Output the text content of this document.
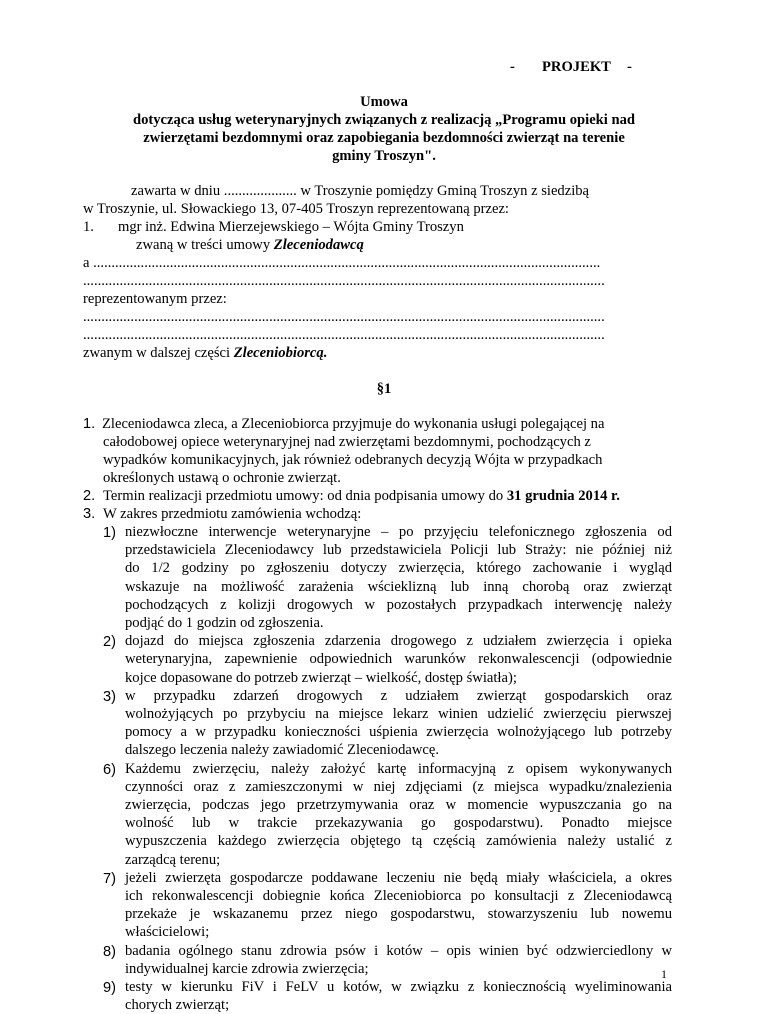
- PROJEKT -
Umowa
dotycząca usług weterynaryjnych związanych z realizacją „Programu opieki nad
zwierzętami bezdomnymi oraz zapobiegania bezdomności zwierząt na terenie
gminy Troszyn".
zawarta w dniu .................... w Troszynie pomiędzy Gminą Troszyn z siedzibą
w Troszynie, ul. Słowackiego 13, 07-405 Troszyn reprezentowaną przez:
1. mgr inż. Edwina Mierzejewskiego – Wójta Gminy Troszyn
zwaną w treści umowy Zleceniodawcą
a ...........................................................................................................................................
...............................................................................................................................................
reprezentowanym przez:
...............................................................................................................................................
...............................................................................................................................................
zwanym w dalszej części Zleceniobiorcą.
§1
1. Zleceniodawca zleca, a Zleceniobiorca przyjmuje do wykonania usługi polegającej na
całodobowej opiece weterynaryjnej nad zwierzętami bezdomnymi, pochodzących z
wypadków komunikacyjnych, jak również odebranych decyzją Wójta w przypadkach
określonych ustawą o ochronie zwierząt.
2. Termin realizacji przedmiotu umowy: od dnia podpisania umowy do 31 grudnia 2014 r.
3. W zakres przedmiotu zamówienia wchodzą:
1) niezwłoczne interwencje weterynaryjne – po przyjęciu telefonicznego zgłoszenia od
przedstawiciela Zleceniodawcy lub przedstawiciela Policji lub Straży: nie później niż
do 1/2 godziny po zgłoszeniu dotyczy zwierzęcia, którego zachowanie i wygląd
wskazuje na możliwość zarażenia wścieklizną lub inną chorobą oraz zwierząt
pochodzących z kolizji drogowych w pozostałych przypadkach interwencję należy
podjąć do 1 godzin od zgłoszenia.
2) dojazd do miejsca zgłoszenia zdarzenia drogowego z udziałem zwierzęcia i opieka
weterynaryjna, zapewnienie odpowiednich warunków rekonwalescencji (odpowiednie
kojce dopasowane do potrzeb zwierząt – wielkość, dostęp światła);
3) w przypadku zdarzeń drogowych z udziałem zwierząt gospodarskich oraz
wolnożyjących po przybyciu na miejsce lekarz winien udzielić zwierzęciu pierwszej
pomocy a w przypadku konieczności uśpienia zwierzęcia wolnożyjącego lub potrzeby
dalszego leczenia należy zawiadomić Zleceniodawcę.
6) Każdemu zwierzęciu, należy założyć kartę informacyjną z opisem wykonywanych
czynności oraz z zamieszczonymi w niej zdjęciami (z miejsca wypadku/znalezienia
zwierzęcia, podczas jego przetrzymywania oraz w momencie wypuszczania go na
wolność lub w trakcie przekazywania go gospodarstwu). Ponadto miejsce
wypuszczenia każdego zwierzęcia objętego tą częścią zamówienia należy ustalić z
zarządcą terenu;
7) jeżeli zwierzęta gospodarcze poddawane leczeniu nie będą miały właściciela, a okres
ich rekonwalescencji dobiegnie końca Zleceniobiorca po konsultacji z Zleceniodawcą
przekaże je wskazanemu przez niego gospodarstwu, stowarzyszeniu lub nowemu
właścicielowi;
8) badania ogólnego stanu zdrowia psów i kotów – opis winien być odzwierciedlony w
indywidualnej karcie zdrowia zwierzęcia;
9) testy w kierunku FiV i FeLV u kotów, w związku z koniecznością wyeliminowania
chorych zwierząt;
1
